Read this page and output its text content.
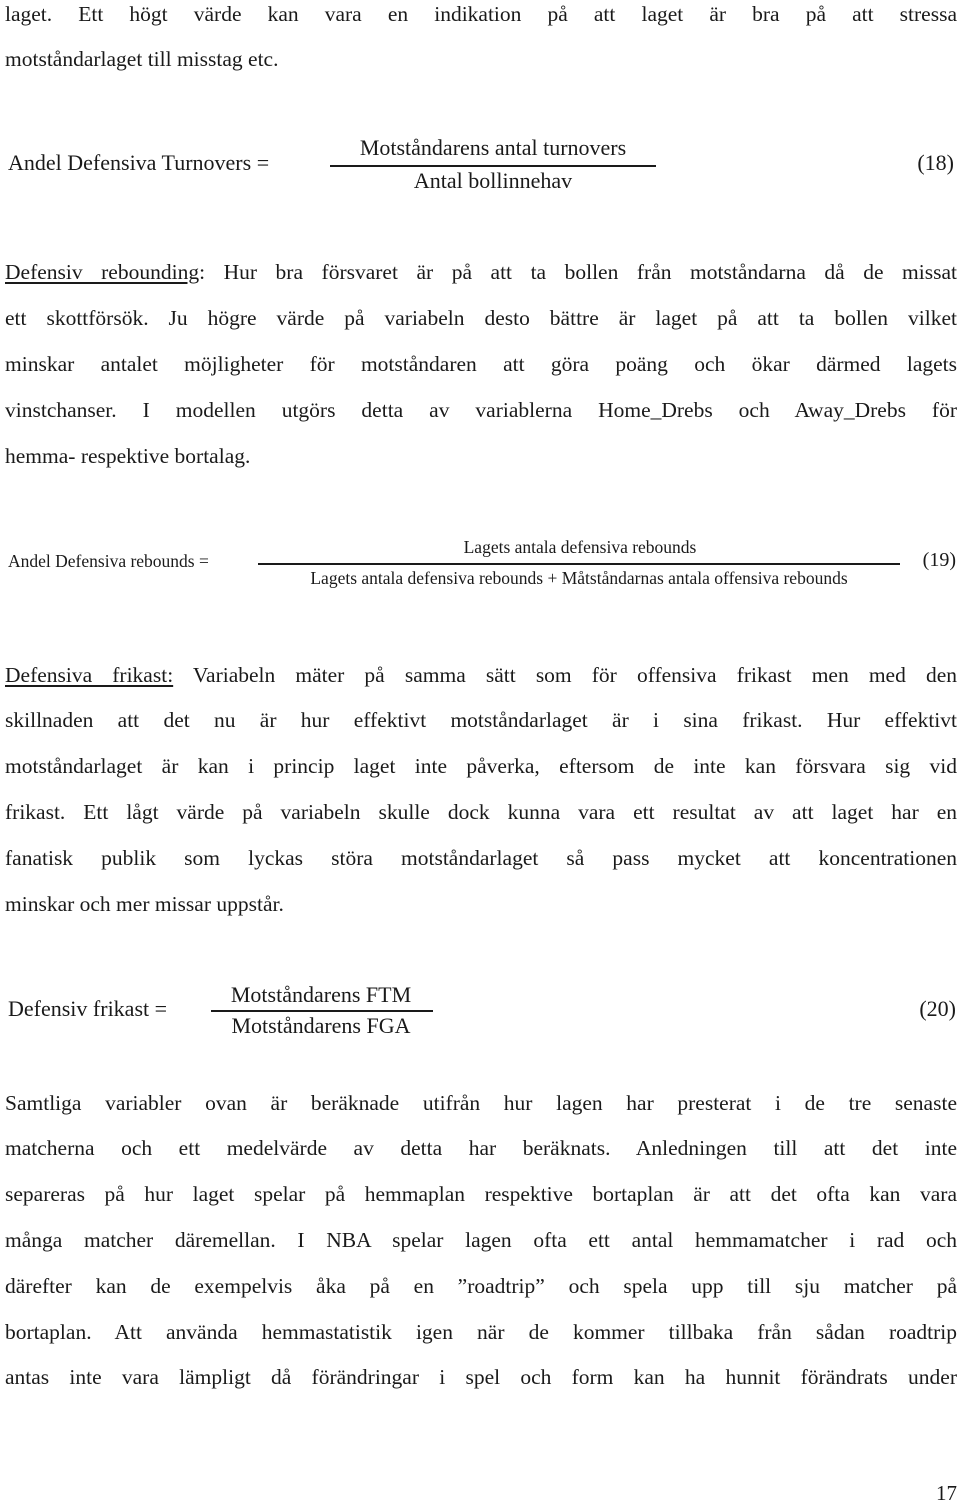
laget. Ett högt värde kan vara en indikation på att laget är bra på att stressa
motståndarlaget till misstag etc.
Andel Defensiva Turnovers =
Motståndarens antal turnovers
Antal bollinnehav
(18)
Defensiv rebounding: Hur bra försvaret är på att ta bollen från motståndarna då de missat
ett skottförsök. Ju högre värde på variabeln desto bättre är laget på att ta bollen vilket
minskar antalet möjligheter för motståndaren att göra poäng och ökar därmed lagets
vinstchanser. I modellen utgörs detta av variablerna Home_Drebs och Away_Drebs för
hemma- respektive bortalag.
Andel Defensiva rebounds =
Lagets antala defensiva rebounds
Lagets antala defensiva rebounds + Måtståndarnas antala offensiva rebounds
(19)
Defensiva frikast: Variabeln mäter på samma sätt som för offensiva frikast men med den
skillnaden att det nu är hur effektivt motståndarlaget är i sina frikast. Hur effektivt
motståndarlaget är kan i princip laget inte påverka, eftersom de inte kan försvara sig vid
frikast. Ett lågt värde på variabeln skulle dock kunna vara ett resultat av att laget har en
fanatisk publik som lyckas störa motståndarlaget så pass mycket att koncentrationen
minskar och mer missar uppstår.
Defensiv frikast =
Motståndarens FTM
Motståndarens FGA
(20)
Samtliga variabler ovan är beräknade utifrån hur lagen har presterat i de tre senaste
matcherna och ett medelvärde av detta har beräknats. Anledningen till att det inte
separeras på hur laget spelar på hemmaplan respektive bortaplan är att det ofta kan vara
många matcher däremellan. I NBA spelar lagen ofta ett antal hemmamatcher i rad och
därefter kan de exempelvis åka på en ”roadtrip” och spela upp till sju matcher på
bortaplan. Att använda hemmastatistik igen när de kommer tillbaka från sådan roadtrip
antas inte vara lämpligt då förändringar i spel och form kan ha hunnit förändrats under
17
